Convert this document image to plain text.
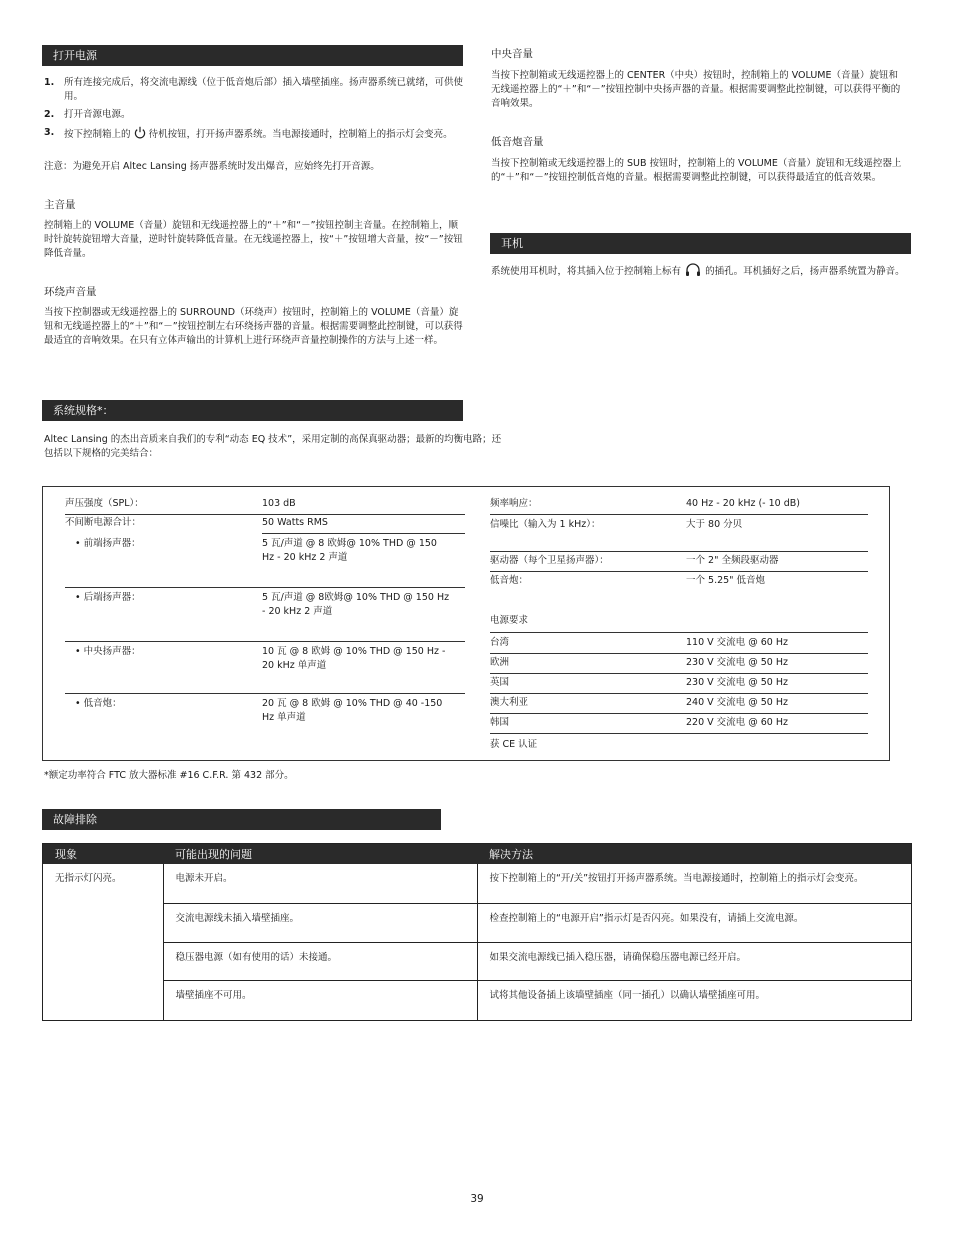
打开电源
1. 所有连接完成后，将交流电源线（位于低音炮后部）插入墙壁插座。扬声器系统已就绪，可供使用。
2. 打开音源电源。
3. 按下控制箱上的 待机按钮，打开扬声器系统。当电源接通时，控制箱上的指示灯会变亮。
注意：为避免开启 Altec Lansing 扬声器系统时发出爆音，应始终先打开音源。
主音量
控制箱上的 VOLUME（音量）旋钮和无线遥控器上的“＋”和“－”按钮控制主音量。在控制箱上，顺时针旋转旋钮增大音量，逆时针旋转降低音量。在无线遥控器上，按“＋”按钮增大音量，按“－”按钮降低音量。
环绕声音量
当按下控制器或无线遥控器上的 SURROUND（环绕声）按钮时，控制箱上的 VOLUME（音量）旋钮和无线遥控器上的“＋”和“－”按钮控制左右环绕扬声器的音量。根据需要调整此控制键，可以获得最适宜的音响效果。在只有立体声输出的计算机上进行环绕声音量控制操作的方法与上述一样。
中央音量
当按下控制箱或无线遥控器上的 CENTER（中央）按钮时，控制箱上的 VOLUME（音量）旋钮和无线遥控器上的“＋”和“－”按钮控制中央扬声器的音量。根据需要调整此控制键，可以获得平衡的音响效果。
低音炮音量
当按下控制箱或无线遥控器上的 SUB 按钮时，控制箱上的 VOLUME（音量）旋钮和无线遥控器上的“＋”和“－”按钮控制低音炮的音量。根据需要调整此控制键，可以获得最适宜的低音效果。
耳机
系统使用耳机时，将其插入位于控制箱上标有	的插孔。耳机插好之后，扬声器系统置为静音。
系统规格*：
Altec Lansing 的杰出音质来自我们的专利“动态 EQ 技术”，采用定制的高保真驱动器；最新的均衡电路；还包括以下规格的完美结合：
声压强度（SPL）：	103 dB
不间断电源合计：	50 Watts RMS
• 前端扬声器：	5 瓦/声道 @ 8 欧姆@ 10% THD @ 150 Hz - 20 kHz 2 声道
• 后端扬声器：	5 瓦/声道 @ 8欧姆@ 10% THD @ 150 Hz - 20 kHz 2 声道
• 中央扬声器：	10 瓦 @ 8 欧姆 @ 10% THD @ 150 Hz - 20 kHz 单声道
• 低音炮：	20 瓦 @ 8 欧姆 @ 10% THD @ 40 -150 Hz 单声道
频率响应：	40 Hz - 20 kHz (- 10 dB)
信噪比（输入为 1 kHz）：	大于 80 分贝
驱动器（每个卫星扬声器）：	一个 2" 全频段驱动器
低音炮：	一个 5.25" 低音炮
电源要求
台湾	110 V 交流电 @ 60 Hz
欧洲	230 V 交流电 @ 50 Hz
英国	230 V 交流电 @ 50 Hz
澳大利亚	240 V 交流电 @ 50 Hz
韩国	220 V 交流电 @ 60 Hz
获 CE 认证
*额定功率符合 FTC 放大器标准 #16 C.F.R. 第 432 部分。
故障排除
现象	可能出现的问题	解决方法
无指示灯闪亮。	电源未开启。	按下控制箱上的“开/关”按钮打开扬声器系统。当电源接通时，控制箱上的指示灯会变亮。
	交流电源线未插入墙壁插座。	检查控制箱上的“电源开启”指示灯是否闪亮。如果没有，请插上交流电源。
	稳压器电源（如有使用的话）未接通。	如果交流电源线已插入稳压器，请确保稳压器电源已经开启。
	墙壁插座不可用。	试将其他设备插上该墙壁插座（同一插孔）以确认墙壁插座可用。
39
